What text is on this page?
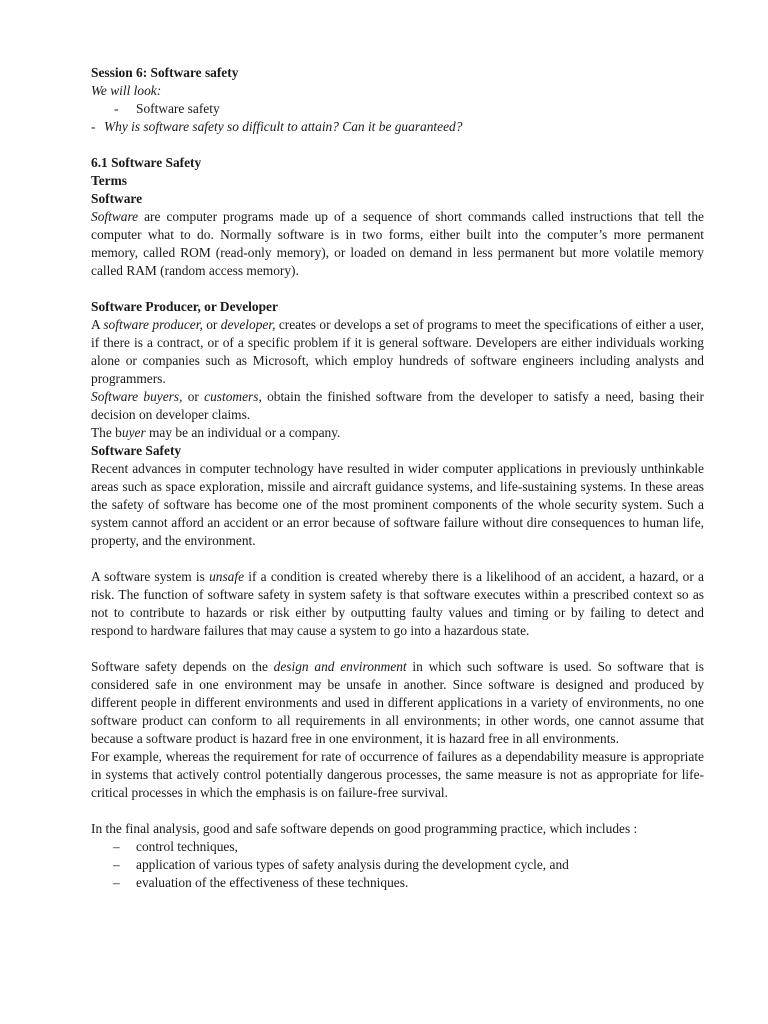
Session 6: Software safety

We will look:

-	Software safety
- Why is software safety so difficult to attain? Can it be guaranteed?

6.1 Software Safety

Terms

Software

Software are computer programs made up of a sequence of short commands called instructions that tell the computer what to do. Normally software is in two forms, either built into the computer’s more permanent memory, called ROM (read-only memory), or loaded on demand in less permanent but more volatile memory called RAM (random access memory).

Software Producer, or Developer

A software producer, or developer, creates or develops a set of programs to meet the specifications of either a user, if there is a contract, or of a specific problem if it is general software. Developers are either individuals working alone or companies such as Microsoft, which employ hundreds of software engineers including analysts and programmers.

Software buyers, or customers, obtain the finished software from the developer to satisfy a need, basing their decision on developer claims.

The buyer may be an individual or a company.

Software Safety

Recent advances in computer technology have resulted in wider computer applications in previously unthinkable areas such as space exploration, missile and aircraft guidance systems, and life-sustaining systems. In these areas the safety of software has become one of the most prominent components of the whole security system. Such a system cannot afford an accident or an error because of software failure without dire consequences to human life, property, and the environment.

A software system is unsafe if a condition is created whereby there is a likelihood of an accident, a hazard, or a risk. The function of software safety in system safety is that software executes within a prescribed context so as not to contribute to hazards or risk either by outputting faulty values and timing or by failing to detect and respond to hardware failures that may cause a system to go into a hazardous state.

Software safety depends on the design and environment in which such software is used. So software that is considered safe in one environment may be unsafe in another. Since software is designed and produced by different people in different environments and used in different applications in a variety of environments, no one software product can conform to all requirements in all environments; in other words, one cannot assume that because a software product is hazard free in one environment, it is hazard free in all environments.

For example, whereas the requirement for rate of occurrence of failures as a dependability measure is appropriate in systems that actively control potentially dangerous processes, the same measure is not as appropriate for life-critical processes in which the emphasis is on failure-free survival.

In the final analysis, good and safe software depends on good programming practice, which includes :

–	control techniques,
–	application of various types of safety analysis during the development cycle, and
–	evaluation of the effectiveness of these techniques.
